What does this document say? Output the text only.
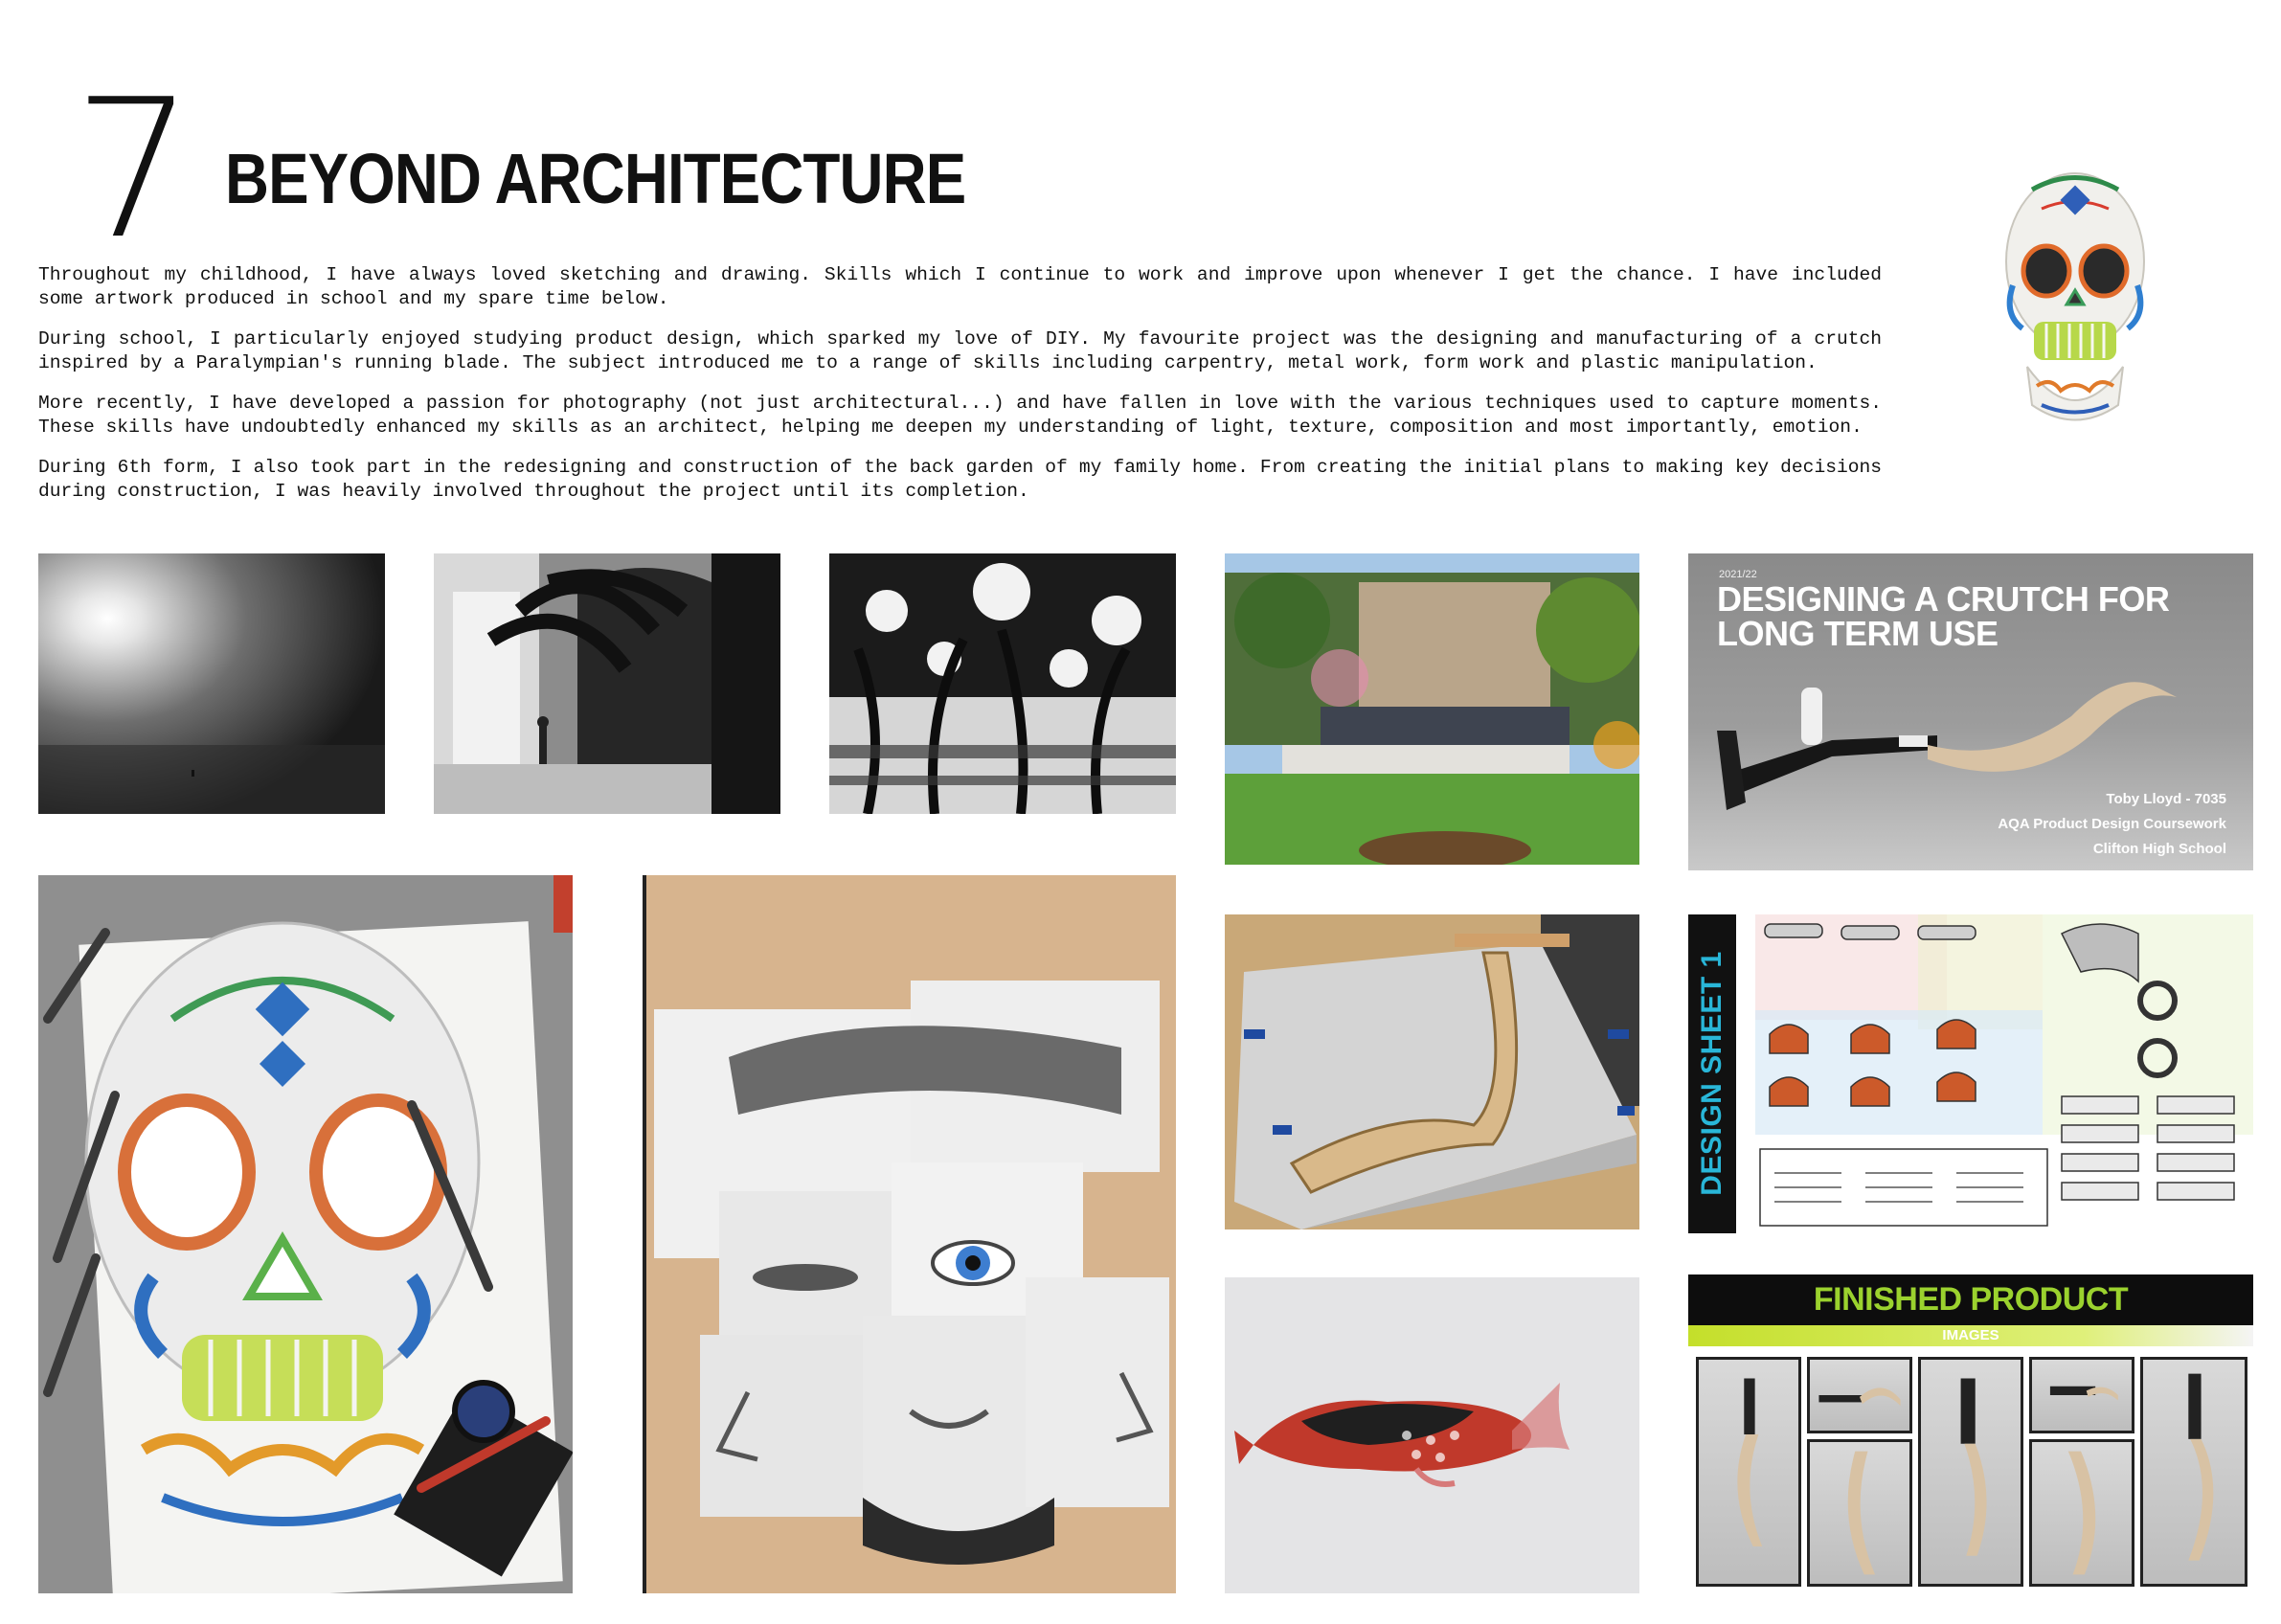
7 BEYOND ARCHITECTURE

Throughout my childhood, I have always loved sketching and drawing. Skills which I continue to work and improve upon whenever I get the chance. I have included some artwork produced in school and my spare time below.

During school, I particularly enjoyed studying product design, which sparked my love of DIY. My favourite project was the designing and manufacturing of a crutch inspired by a Paralympian's running blade. The subject introduced me to a range of skills including carpentry, metal work, form work and plastic manipulation.

More recently, I have developed a passion for photography (not just architectural...) and have fallen in love with the various techniques used to capture moments. These skills have undoubtedly enhanced my skills as an architect, helping me deepen my understanding of light, texture, composition and most importantly, emotion.

During 6th form, I also took part in the redesigning and construction of the back garden of my family home. From creating the initial plans to making key decisions during construction, I was heavily involved throughout the project until its completion.

2021/22
DESIGNING A CRUTCH FOR LONG TERM USE
Toby Lloyd - 7035
AQA Product Design Coursework
Clifton High School
DESIGN SHEET 1
FINISHED PRODUCT
IMAGES
